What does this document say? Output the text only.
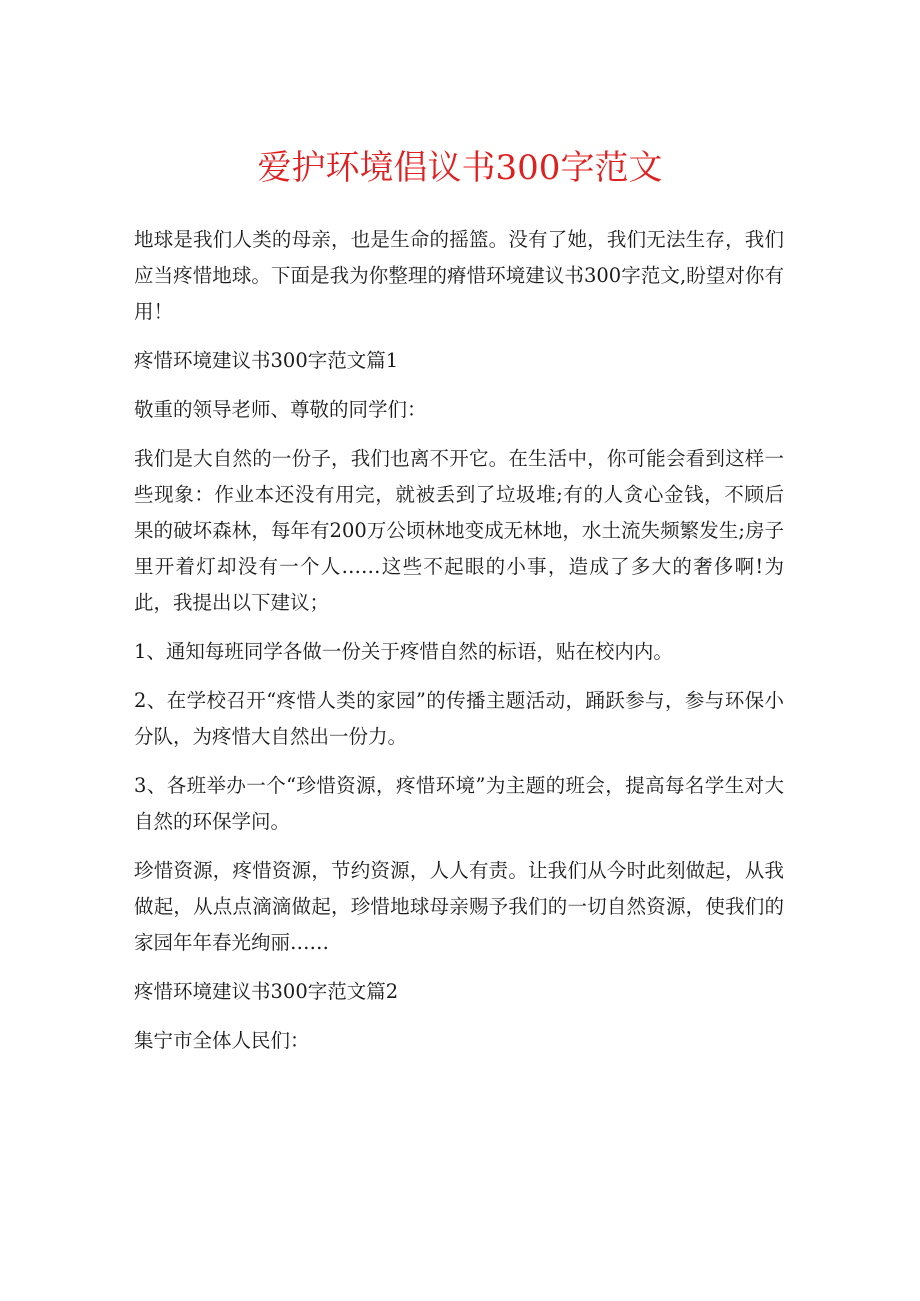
爱护环境倡议书300字范文

地球是我们人类的母亲，也是生命的摇篮。没有了她，我们无法生存，我们应当疼惜地球。下面是我为你整理的瘠惜环境建议书300字范文,盼望对你有用！

疼惜环境建议书300字范文篇1

敬重的领导老师、尊敬的同学们：

我们是大自然的一份子，我们也离不开它。在生活中，你可能会看到这样一些现象：作业本还没有用完，就被丢到了垃圾堆;有的人贪心金钱，不顾后果的破坏森林，每年有200万公顷林地变成无林地，水土流失频繁发生;房子里开着灯却没有一个人……这些不起眼的小事，造成了多大的奢侈啊!为此，我提出以下建议；

1、通知每班同学各做一份关于疼惜自然的标语，贴在校内内。

2、在学校召开“疼惜人类的家园”的传播主题活动，踊跃参与，参与环保小分队，为疼惜大自然出一份力。

3、各班举办一个“珍惜资源，疼惜环境”为主题的班会，提高每名学生对大自然的环保学问。

珍惜资源，疼惜资源，节约资源，人人有责。让我们从今时此刻做起，从我做起，从点点滴滴做起，珍惜地球母亲赐予我们的一切自然资源，使我们的家园年年春光绚丽……

疼惜环境建议书300字范文篇2

集宁市全体人民们：
